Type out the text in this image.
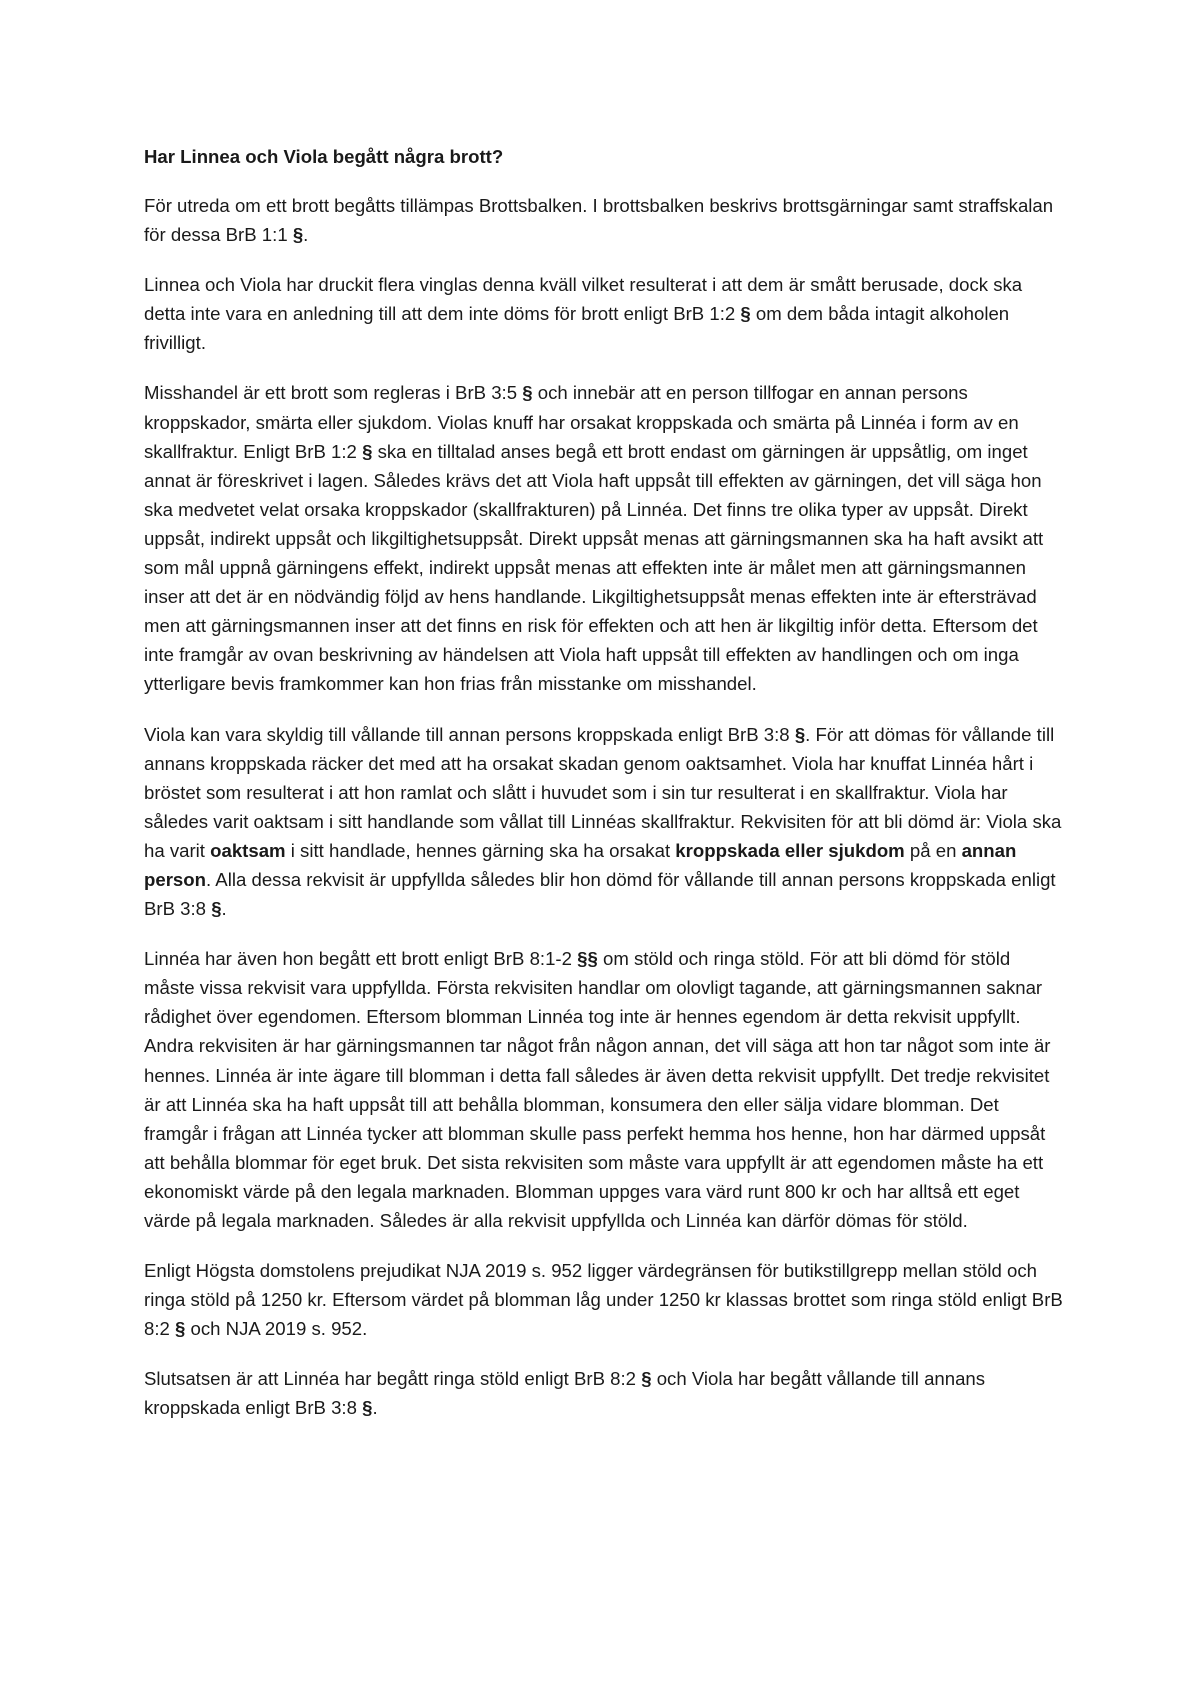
Har Linnea och Viola begått några brott?

För utreda om ett brott begåtts tillämpas Brottsbalken. I brottsbalken beskrivs brottsgärningar samt straffskalan för dessa BrB 1:1 §.

Linnea och Viola har druckit flera vinglas denna kväll vilket resulterat i att dem är smått berusade, dock ska detta inte vara en anledning till att dem inte döms för brott enligt BrB 1:2 § om dem båda intagit alkoholen frivilligt.

Misshandel är ett brott som regleras i BrB 3:5 § och innebär att en person tillfogar en annan persons kroppskador, smärta eller sjukdom. Violas knuff har orsakat kroppskada och smärta på Linnéa i form av en skallfraktur. Enligt BrB 1:2 § ska en tilltalad anses begå ett brott endast om gärningen är uppsåtlig, om inget annat är föreskrivet i lagen. Således krävs det att Viola haft uppsåt till effekten av gärningen, det vill säga hon ska medvetet velat orsaka kroppskador (skallfrakturen) på Linnéa. Det finns tre olika typer av uppsåt. Direkt uppsåt, indirekt uppsåt och likgiltighetsuppsåt. Direkt uppsåt menas att gärningsmannen ska ha haft avsikt att som mål uppnå gärningens effekt, indirekt uppsåt menas att effekten inte är målet men att gärningsmannen inser att det är en nödvändig följd av hens handlande. Likgiltighetsuppsåt menas effekten inte är eftersträvad men att gärningsmannen inser att det finns en risk för effekten och att hen är likgiltig inför detta. Eftersom det inte framgår av ovan beskrivning av händelsen att Viola haft uppsåt till effekten av handlingen och om inga ytterligare bevis framkommer kan hon frias från misstanke om misshandel.

Viola kan vara skyldig till vållande till annan persons kroppskada enligt BrB 3:8 §. För att dömas för vållande till annans kroppskada räcker det med att ha orsakat skadan genom oaktsamhet. Viola har knuffat Linnéa hårt i bröstet som resulterat i att hon ramlat och slått i huvudet som i sin tur resulterat i en skallfraktur. Viola har således varit oaktsam i sitt handlande som vållat till Linnéas skallfraktur. Rekvisiten för att bli dömd är: Viola ska ha varit oaktsam i sitt handlade, hennes gärning ska ha orsakat kroppskada eller sjukdom på en annan person. Alla dessa rekvisit är uppfyllda således blir hon dömd för vållande till annan persons kroppskada enligt BrB 3:8 §.

Linnéa har även hon begått ett brott enligt BrB 8:1-2 §§ om stöld och ringa stöld. För att bli dömd för stöld måste vissa rekvisit vara uppfyllda. Första rekvisiten handlar om olovligt tagande, att gärningsmannen saknar rådighet över egendomen. Eftersom blomman Linnéa tog inte är hennes egendom är detta rekvisit uppfyllt. Andra rekvisiten är har gärningsmannen tar något från någon annan, det vill säga att hon tar något som inte är hennes. Linnéa är inte ägare till blomman i detta fall således är även detta rekvisit uppfyllt. Det tredje rekvisitet är att Linnéa ska ha haft uppsåt till att behålla blomman, konsumera den eller sälja vidare blomman. Det framgår i frågan att Linnéa tycker att blomman skulle pass perfekt hemma hos henne, hon har därmed uppsåt att behålla blommar för eget bruk. Det sista rekvisiten som måste vara uppfyllt är att egendomen måste ha ett ekonomiskt värde på den legala marknaden. Blomman uppges vara värd runt 800 kr och har alltså ett eget värde på legala marknaden. Således är alla rekvisit uppfyllda och Linnéa kan därför dömas för stöld.

Enligt Högsta domstolens prejudikat NJA 2019 s. 952 ligger värdegränsen för butikstillgrepp mellan stöld och ringa stöld på 1250 kr. Eftersom värdet på blomman låg under 1250 kr klassas brottet som ringa stöld enligt BrB 8:2 § och NJA 2019 s. 952.

Slutsatsen är att Linnéa har begått ringa stöld enligt BrB 8:2 § och Viola har begått vållande till annans kroppskada enligt BrB 3:8 §.
